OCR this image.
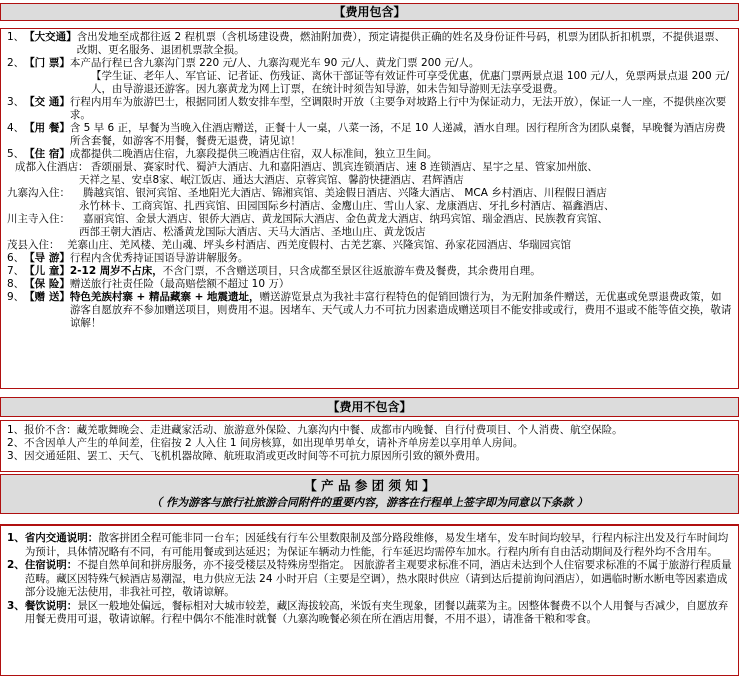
【费用包含】
1、 【大交通】 含出发地至成都往返 2 程机票（含机场建设费，燃油附加费），预定请提供正确的姓名及身份证件号码，机票为团队折扣机票，不提供退票、改期、更名服务、退团机票款全损。
2、 【门 票】 本产品行程已含九寨沟门票 220 元/人、九寨沟观光车 90 元/人、黄龙门票 200 元/人。
【学生证、老年人、军官证、记者证、伤残证、离休干部证等有效证件可享受优惠，优惠门票两景点退 100 元/人，免票两景点退 200 元/人，由导游退还游客。因九寨黄龙为网上订票，在统计时须告知导游，如未告知导游则无法享受退费。
3、 【交 通】 行程内用车为旅游巴士，根据同团人数安排车型，空调限时开放（主要争对坡路上行中为保证动力，无法开放），保证一人一座，不提供座次要求。
4、 【用 餐】 含 5 早 6 正，早餐为当晚入住酒店赠送，正餐十人一桌，八菜一汤，不足 10 人递减，酒水自理。因行程所含为团队桌餐，早晚餐为酒店房费所含套餐，如游客不用餐，餐费无退费，请见谅！
5、 【住 宿】 成都提供二晚酒店住宿，九寨段提供三晚酒店住宿，双人标准间，独立卫生间。
成都入住酒店： 香颂丽景、赛家时代、蜀泸大酒店、九和嘉阳酒店、凯宾连锁酒店、速 8 连锁酒店、星宇之星、管家加州旅、
天祥之星、安卓8家、岷江饭店、通达大酒店、京蓉宾馆、馨韵快捷酒店、君辉酒店
九寨沟入住：	腾越宾馆、银河宾馆、圣地阳光大酒店、锦湘宾馆、美途假日酒店、兴隆大酒店、 MCA 乡村酒店、川程假日酒店
永竹林卡、工商宾馆、扎西宾馆、田园国际乡村酒店、金鹰山庄、雪山人家、龙康酒店、牙扎乡村酒店、福鑫酒店、
川主寺入住：	嘉丽宾馆、金景大酒店、银侨大酒店、黄龙国际大酒店、金色黄龙大酒店、纳玛宾馆、瑞金酒店、民族教育宾馆、
西部王朝大酒店、松潘黄龙国际大酒店、天马大酒店、圣地山庄、黄龙饭店
茂县入住： 羌寨山庄、羌风楼、羌山魂、坪头乡村酒店、西羌度假村、古羌艺寨、兴隆宾馆、孙家花园酒店、华瑞园宾馆
6、 【导 游】 行程内含优秀持证国语导游讲解服务。
7、 【儿 童】 2-12 周岁不占床，不含门票，不含赠送项目，只含成都至景区往返旅游车费及餐费，其余费用自理。
8、 【保 险】 赠送旅行社责任险（最高赔偿额不超过 10 万）
9、 【赠 送】 特色羌族村寨 + 精品藏寨 + 地震遗址，赠送游览景点为我社丰富行程特色的促销回馈行为，为无附加条件赠送，无优惠或免票退费政策，如游客自愿放弃不参加赠送项目，则费用不退。因堵车、天气或人力不可抗力因素造成赠送项目不能安排或或行，费用不退或不能等值交换，敬请谅解！
【费用不包含】
1、报价不含：藏羌歌舞晚会、走进藏家活动、旅游意外保险、九寨沟内中餐、成都市内晚餐、自行付费项目、个人消费、航空保险。
2、不含因单人产生的单间差，住宿按 2 人入住 1 间房核算，如出现单男单女，请补齐单房差以享用单人房间。
3、因交通延阻、罢工、天气、飞机机器故障、航班取消或更改时间等不可抗力原因所引致的额外费用。
【 产 品 参 团 须 知 】
（ 作为游客与旅行社旅游合同附件的重要内容，游客在行程单上签字即为同意以下条款 ）
1、 省内交通说明：散客拼团全程可能非同一台车；因延线有行车公里数限制及部分路段维修，易发生堵车，发车时间均较早，行程内标注出发及行车时间均为预计，具体情况略有不同，有可能用餐或到达延迟；为保证车辆动力性能，行车延迟均需停车加水。行程内所有自由活动期间及行程外均不含用车。
2、 住宿说明：不提自然单间和拼房服务，亦不接受楼层及特殊房型指定。 因旅游者主观要求标准不同，酒店未达到个人住宿要求标准的不属于旅游行程质量范畴。藏区因特殊气候酒店易潮湿，电力供应无法 24 小时开启（主要是空调），热水限时供应（请到达后提前询问酒店），如遇临时断水断电等因素造成部分设施无法使用，非我社可控，敬请谅解。
3、 餐饮说明：景区一般地处偏远，餐标相对大城市较差，藏区海拔较高，米饭有夹生现象，团餐以蔬菜为主。因整体餐费不以个人用餐与否减少，自愿放弃用餐无费用可退，敬请谅解。行程中偶尔不能准时就餐（九寨沟晚餐必须在所在酒店用餐，不用不退），请准备干粮和零食。
